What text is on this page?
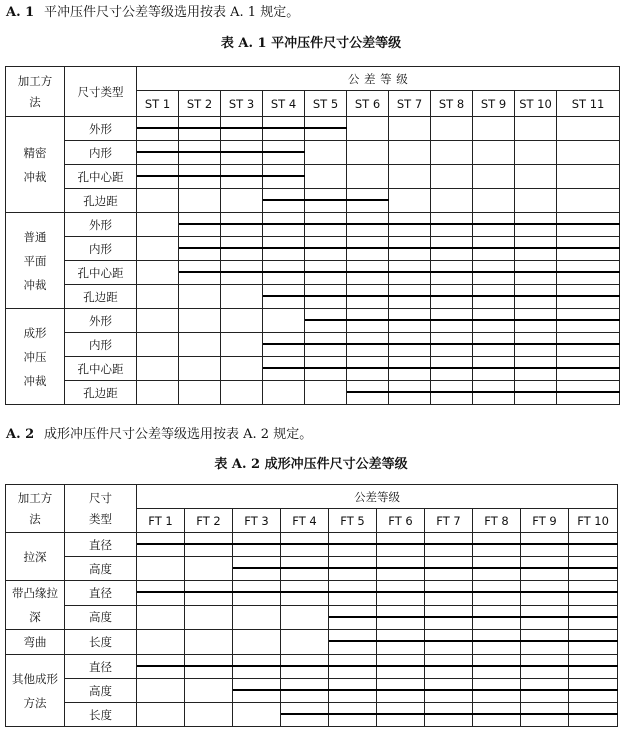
A. 1 平冲压件尺寸公差等级选用按表 A. 1 规定。
表 A. 1 平冲压件尺寸公差等级
加工方法	尺寸类型	公 差 等 级										
		ST 1	ST 2	ST 3	ST 4	ST 5	ST 6	ST 7	ST 8	ST 9	ST 10	ST 11
精密冲裁	外形											
	内形											
	孔中心距											
	孔边距											
普通平面冲裁	外形											
	内形											
	孔中心距											
	孔边距											
成形冲压冲裁	外形											
	内形											
	孔中心距											
	孔边距											
A. 2 成形冲压件尺寸公差等级选用按表 A. 2 规定。
表 A. 2 成形冲压件尺寸公差等级
加工方法	尺寸类型	公差等级									
		FT 1	FT 2	FT 3	FT 4	FT 5	FT 6	FT 7	FT 8	FT 9	FT 10
拉深	直径										
	高度										
带凸缘拉深	直径										
	高度										
弯曲	长度										
其他成形方法	直径										
	高度										
	长度										
